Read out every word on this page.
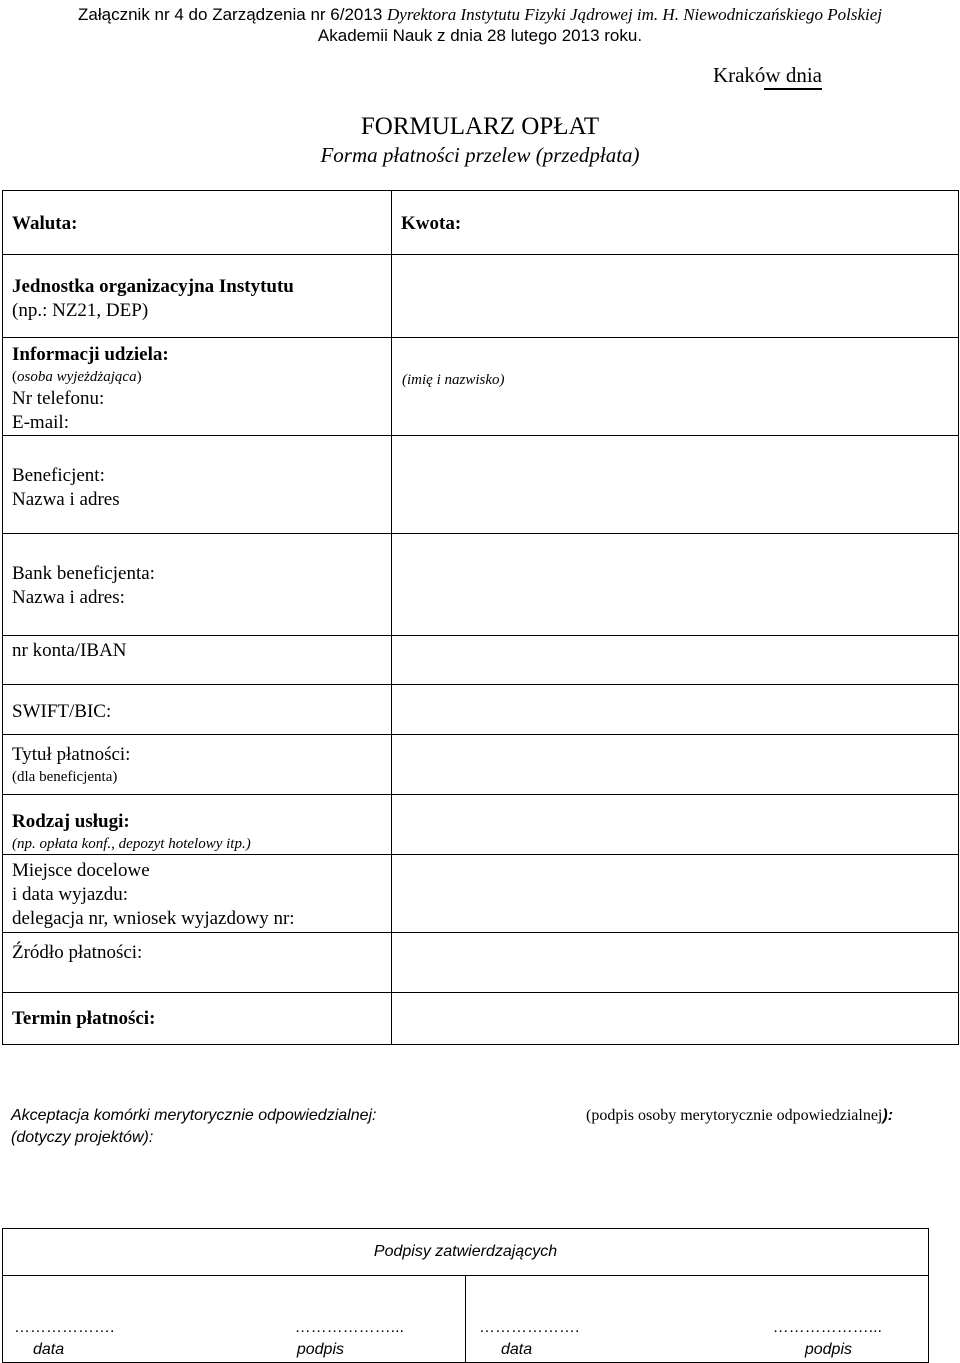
Załącznik nr 4 do Zarządzenia nr 6/2013 Dyrektora Instytutu Fizyki Jądrowej im. H. Niewodniczańskiego Polskiej
Akademii Nauk z dnia 28 lutego 2013 roku.
Kraków dnia
FORMULARZ OPŁAT
Forma płatności przelew (przedpłata)
Waluta:	Kwota:

Jednostka organizacyjna Instytutu
(np.: NZ21, DEP)	

Informacji udziela:
(osoba wyjeżdżająca)
Nr telefonu:
E-mail:	(imię i nazwisko)

Beneficjent:
Nazwa i adres	

Bank beneficjenta:
Nazwa i adres:	

nr konta/IBAN	

SWIFT/BIC:	

Tytuł płatności:
(dla beneficjenta)	

Rodzaj usługi:
(np. opłata konf., depozyt hotelowy itp.)	

Miejsce docelowe
i data wyjazdu:
delegacja nr, wniosek wyjazdowy nr:	

Źródło płatności:	

Termin płatności:	

Akceptacja komórki merytorycznie odpowiedzialnej:
(dotyczy projektów):
(podpis osoby merytorycznie odpowiedzialnej):
Podpisy zatwierdzających

……………….	………………...
data	podpis

……………….	………………...
data	podpis
